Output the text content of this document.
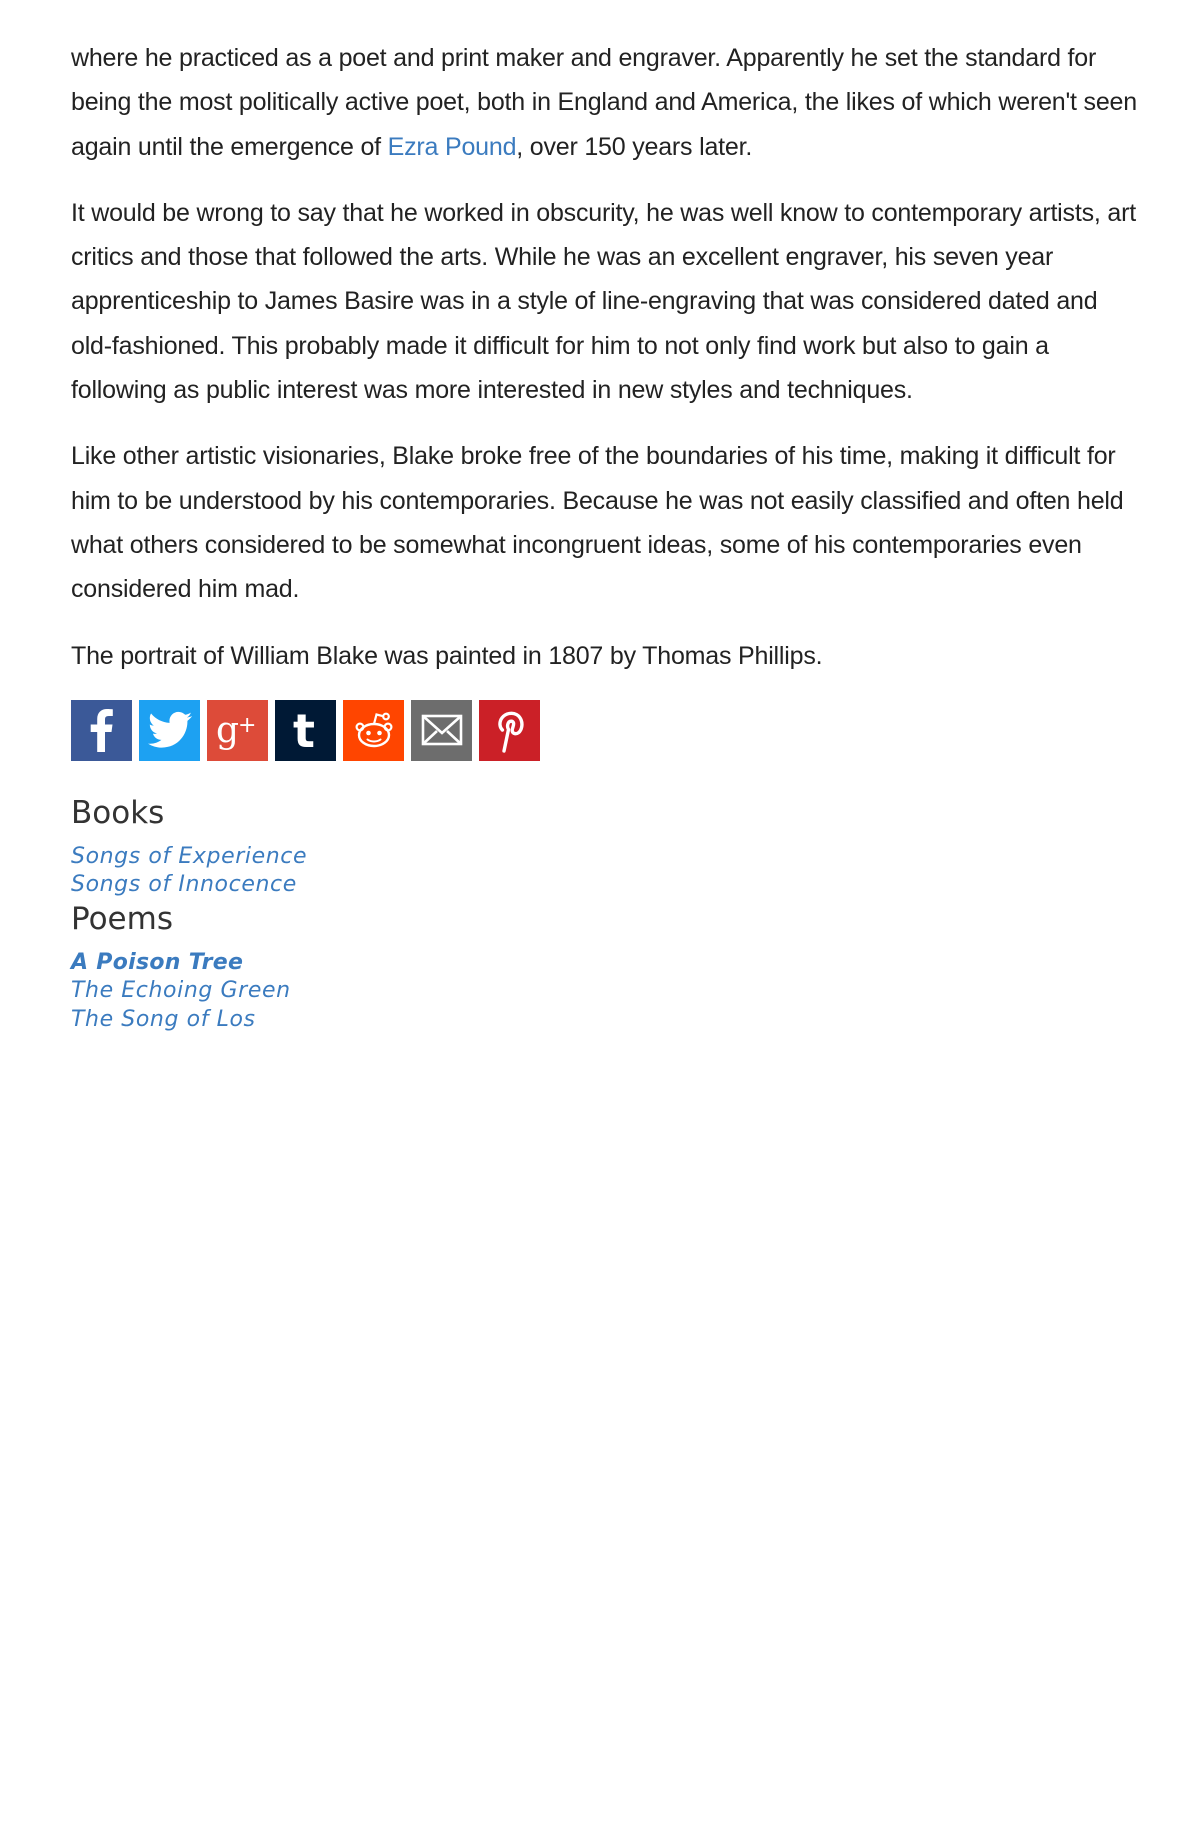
where he practiced as a poet and print maker and engraver. Apparently he set the standard for being the most politically active poet, both in England and America, the likes of which weren't seen again until the emergence of Ezra Pound, over 150 years later.

It would be wrong to say that he worked in obscurity, he was well know to contemporary artists, art critics and those that followed the arts. While he was an excellent engraver, his seven year apprenticeship to James Basire was in a style of line-engraving that was considered dated and old-fashioned. This probably made it difficult for him to not only find work but also to gain a following as public interest was more interested in new styles and techniques.

Like other artistic visionaries, Blake broke free of the boundaries of his time, making it difficult for him to be understood by his contemporaries. Because he was not easily classified and often held what others considered to be somewhat incongruent ideas, some of his contemporaries even considered him mad.

The portrait of William Blake was painted in 1807 by Thomas Phillips.

g
+ t
Books
Songs of Experience
Songs of Innocence
Poems
A Poison Tree
The Echoing Green
The Song of Los
